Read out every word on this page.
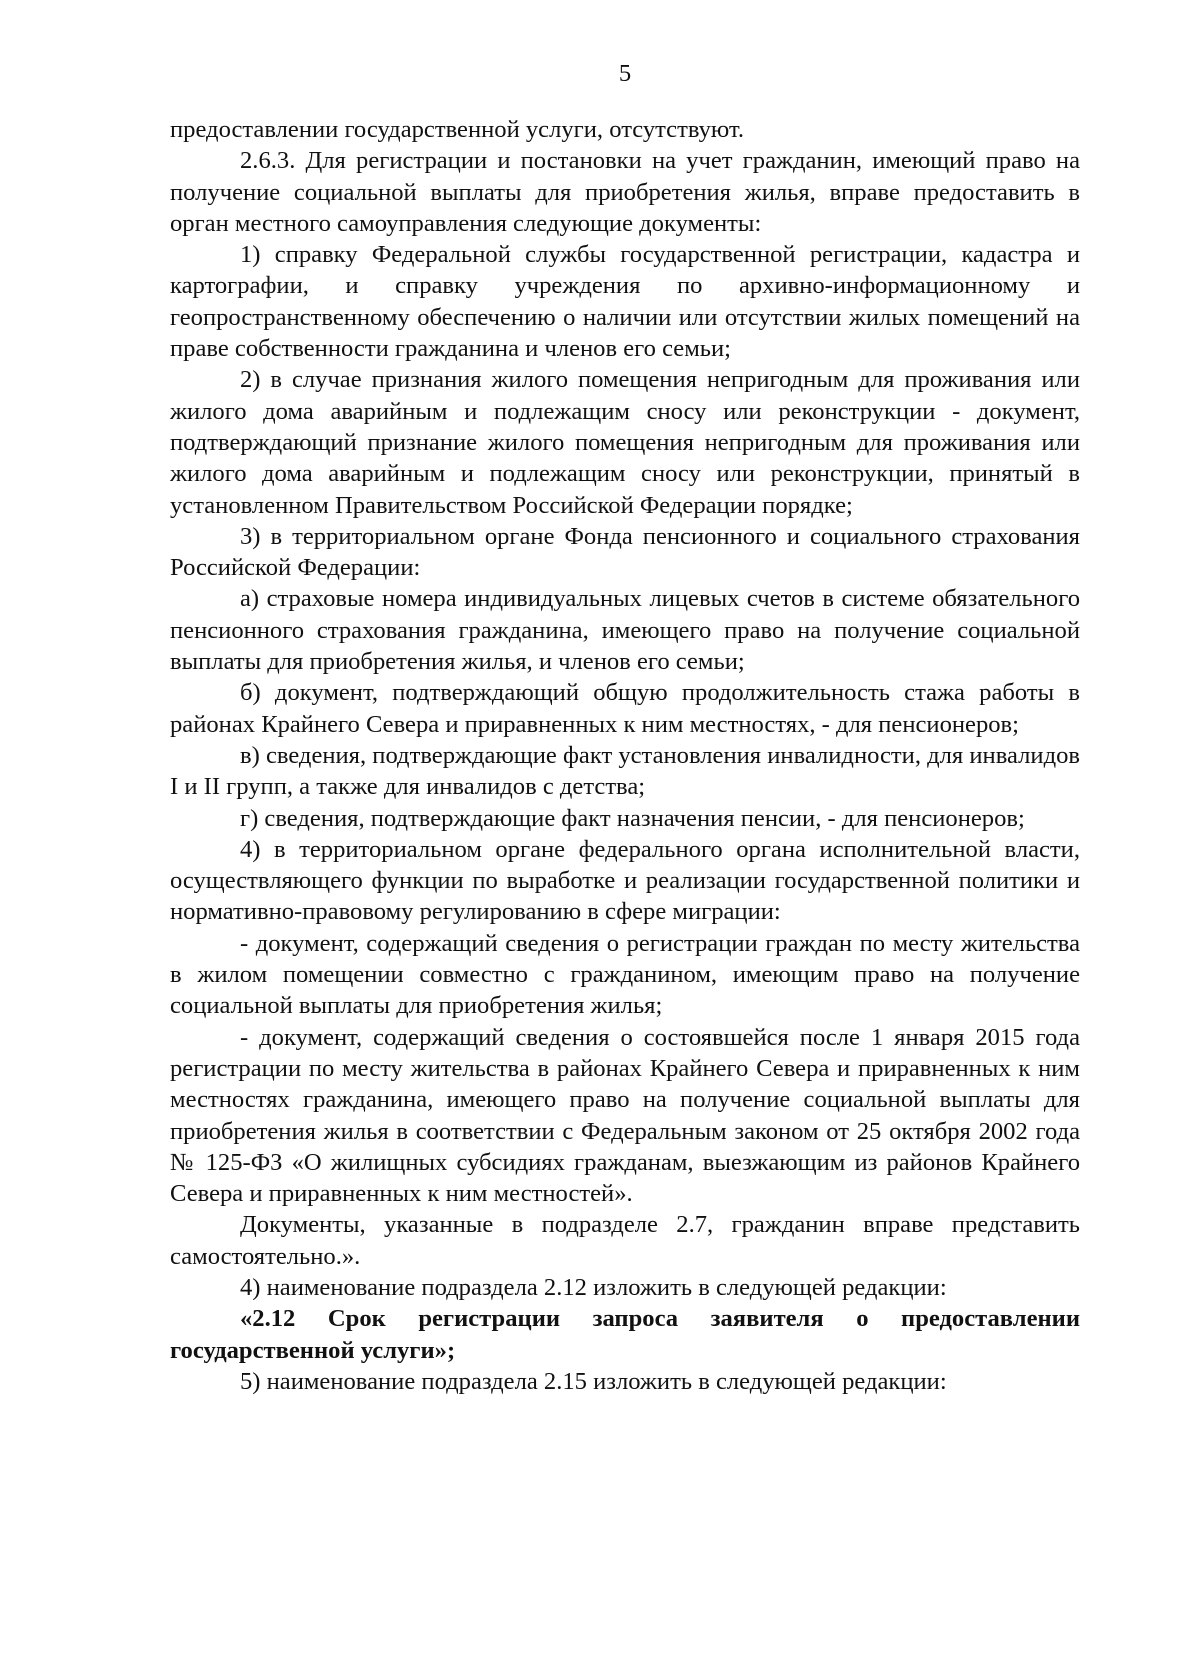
5

предоставлении государственной услуги, отсутствуют.

2.6.3. Для регистрации и постановки на учет гражданин, имеющий право на получение социальной выплаты для приобретения жилья, вправе предоставить в орган местного самоуправления следующие документы:

1) справку Федеральной службы государственной регистрации, кадастра и картографии, и справку учреждения по архивно-информационному и геопространственному обеспечению о наличии или отсутствии жилых помещений на праве собственности гражданина и членов его семьи;

2) в случае признания жилого помещения непригодным для проживания или жилого дома аварийным и подлежащим сносу или реконструкции - документ, подтверждающий признание жилого помещения непригодным для проживания или жилого дома аварийным и подлежащим сносу или реконструкции, принятый в установленном Правительством Российской Федерации порядке;

3) в территориальном органе Фонда пенсионного и социального страхования Российской Федерации:

а) страховые номера индивидуальных лицевых счетов в системе обязательного пенсионного страхования гражданина, имеющего право на получение социальной выплаты для приобретения жилья, и членов его семьи;

б) документ, подтверждающий общую продолжительность стажа работы в районах Крайнего Севера и приравненных к ним местностях, - для пенсионеров;

в) сведения, подтверждающие факт установления инвалидности, для инвалидов I и II групп, а также для инвалидов с детства;

г) сведения, подтверждающие факт назначения пенсии, - для пенсионеров;

4) в территориальном органе федерального органа исполнительной власти, осуществляющего функции по выработке и реализации государственной политики и нормативно-правовому регулированию в сфере миграции:

- документ, содержащий сведения о регистрации граждан по месту жительства в жилом помещении совместно с гражданином, имеющим право на получение социальной выплаты для приобретения жилья;

- документ, содержащий сведения о состоявшейся после 1 января 2015 года регистрации по месту жительства в районах Крайнего Севера и приравненных к ним местностях гражданина, имеющего право на получение социальной выплаты для приобретения жилья в соответствии с Федеральным законом от 25 октября 2002 года № 125-ФЗ «О жилищных субсидиях гражданам, выезжающим из районов Крайнего Севера и приравненных к ним местностей».

Документы, указанные в подразделе 2.7, гражданин вправе представить самостоятельно.».

4) наименование подраздела 2.12 изложить в следующей редакции:

«2.12 Срок регистрации запроса заявителя о предоставлении государственной услуги»;

5) наименование подраздела 2.15 изложить в следующей редакции:
